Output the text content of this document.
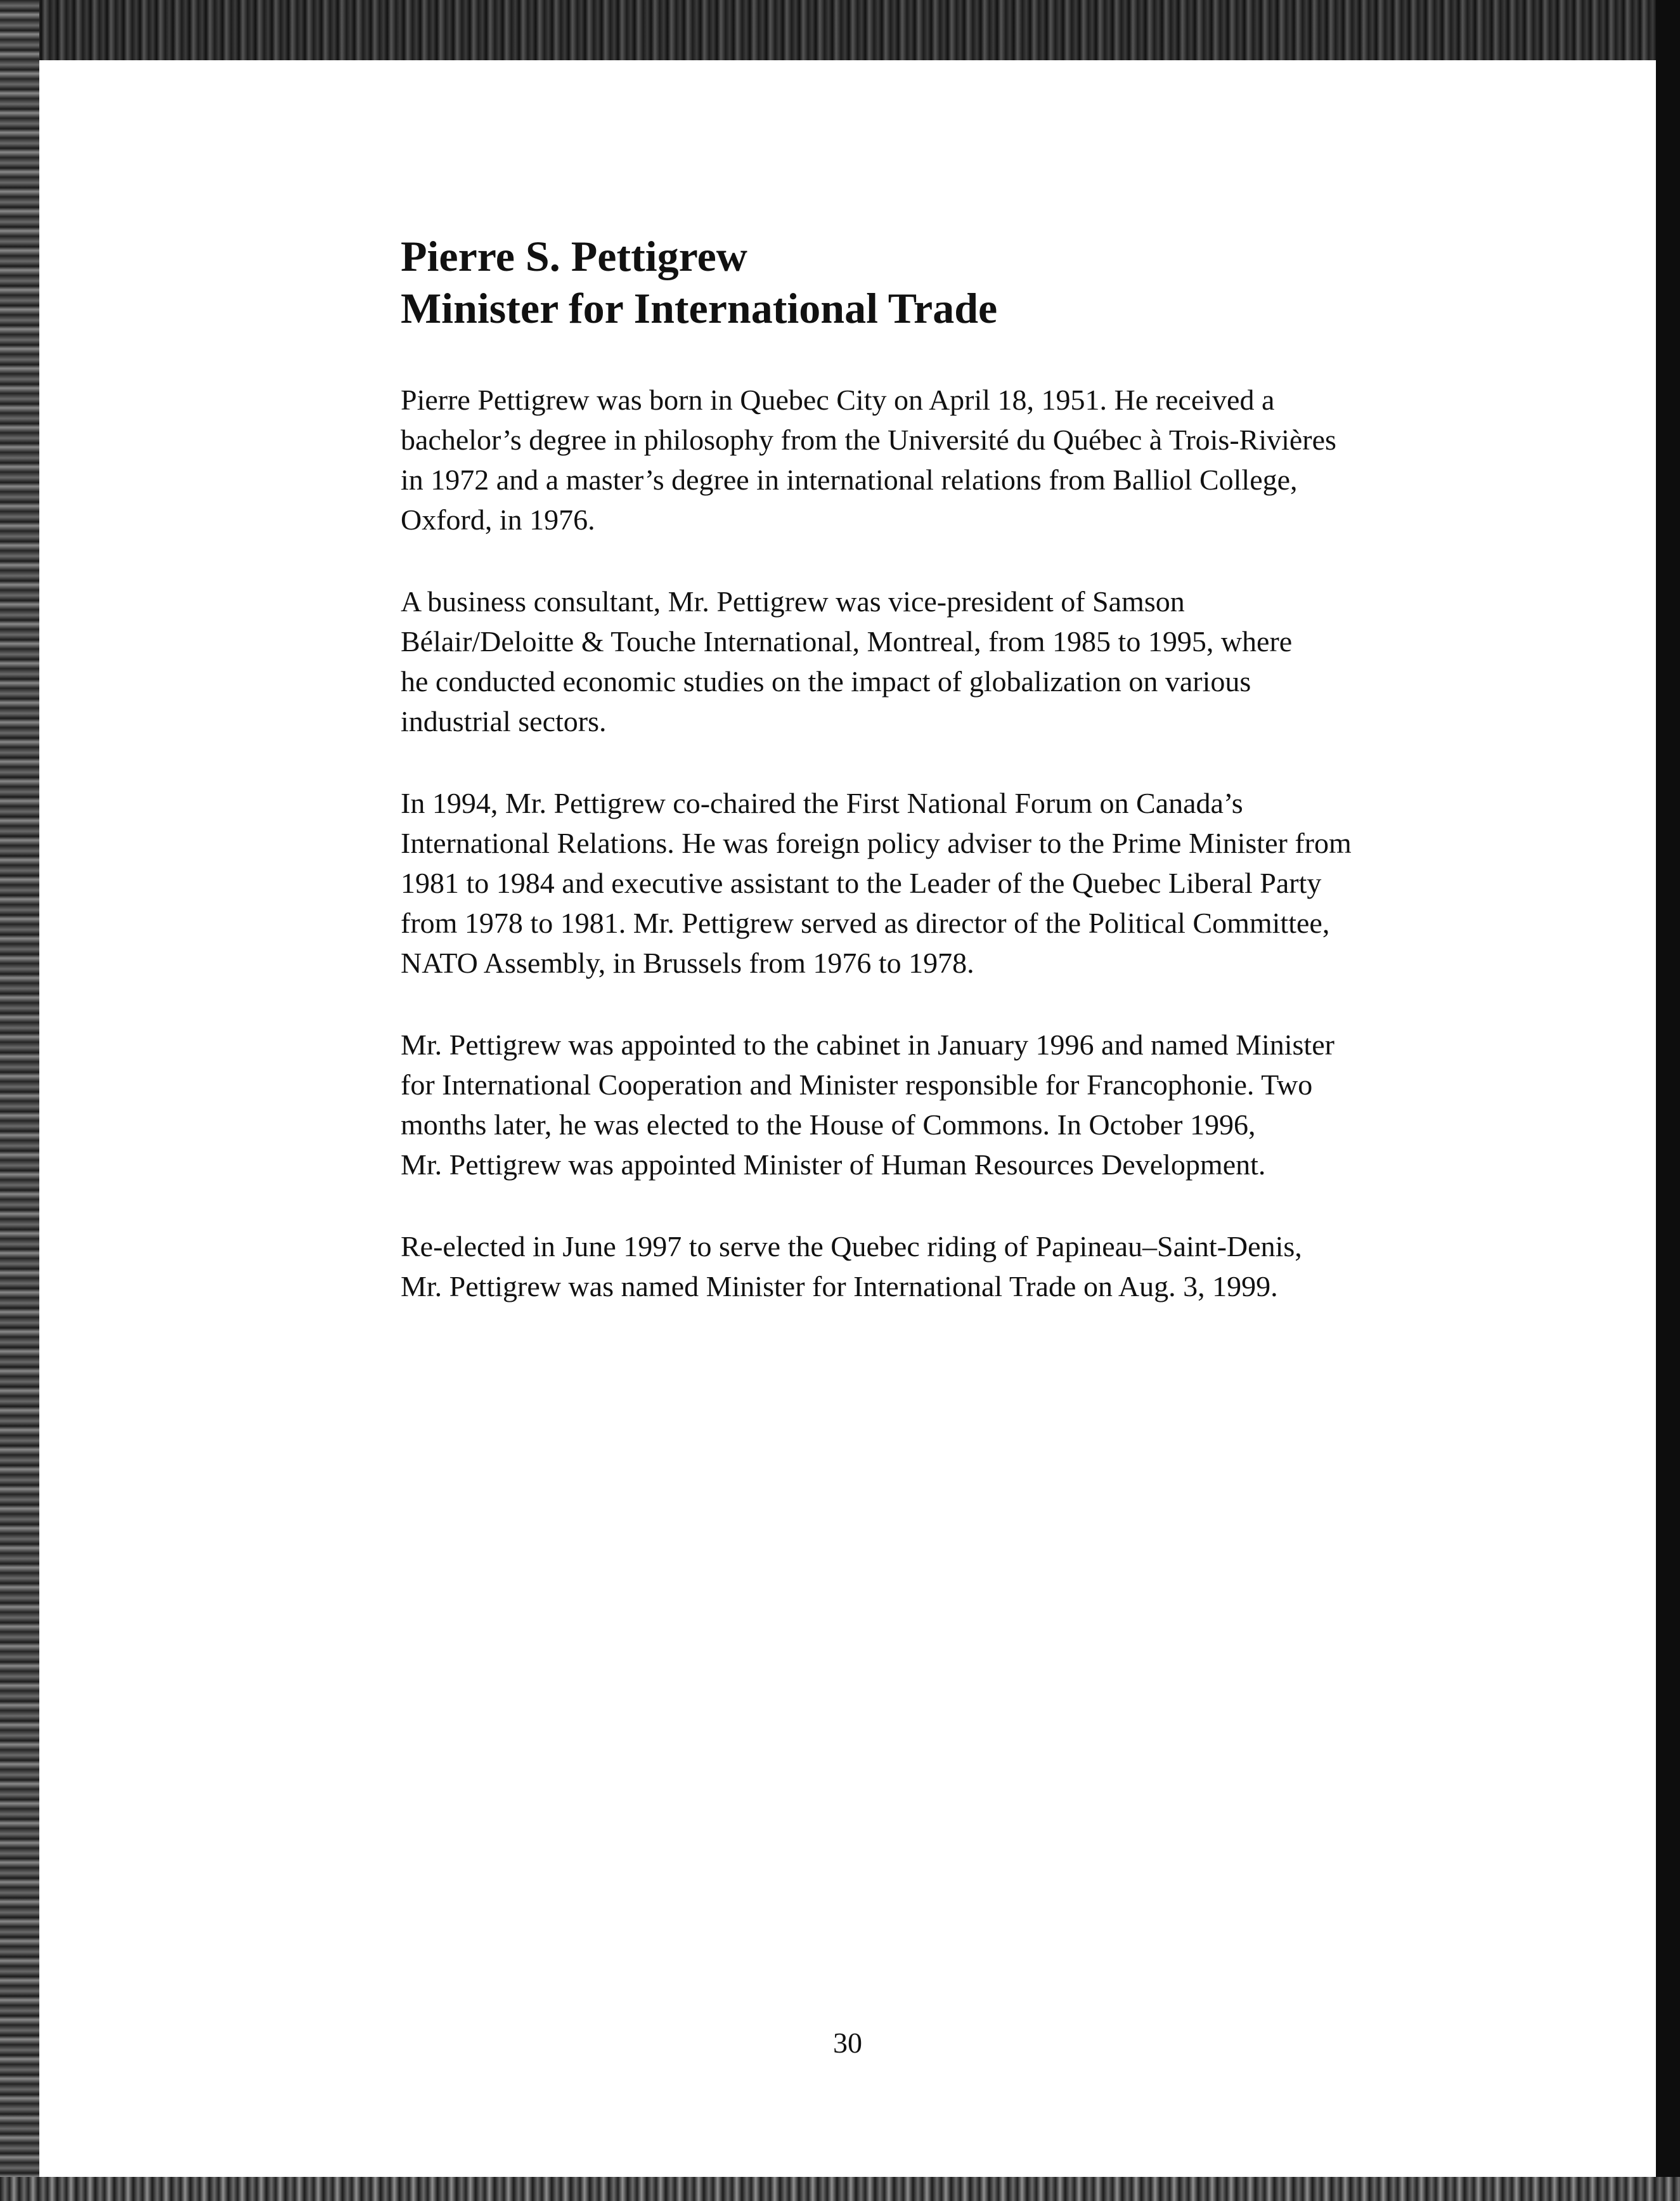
Pierre S. Pettigrew
Minister for International Trade

Pierre Pettigrew was born in Quebec City on April 18, 1951. He received a
bachelor’s degree in philosophy from the Université du Québec à Trois-Rivières
in 1972 and a master’s degree in international relations from Balliol College,
Oxford, in 1976.

A business consultant, Mr. Pettigrew was vice-president of Samson
Bélair/Deloitte & Touche International, Montreal, from 1985 to 1995, where
he conducted economic studies on the impact of globalization on various
industrial sectors.

In 1994, Mr. Pettigrew co-chaired the First National Forum on Canada’s
International Relations. He was foreign policy adviser to the Prime Minister from
1981 to 1984 and executive assistant to the Leader of the Quebec Liberal Party
from 1978 to 1981. Mr. Pettigrew served as director of the Political Committee,
NATO Assembly, in Brussels from 1976 to 1978.

Mr. Pettigrew was appointed to the cabinet in January 1996 and named Minister
for International Cooperation and Minister responsible for Francophonie. Two
months later, he was elected to the House of Commons. In October 1996,
Mr. Pettigrew was appointed Minister of Human Resources Development.

Re-elected in June 1997 to serve the Quebec riding of Papineau–Saint-Denis,
Mr. Pettigrew was named Minister for International Trade on Aug. 3, 1999.

30
